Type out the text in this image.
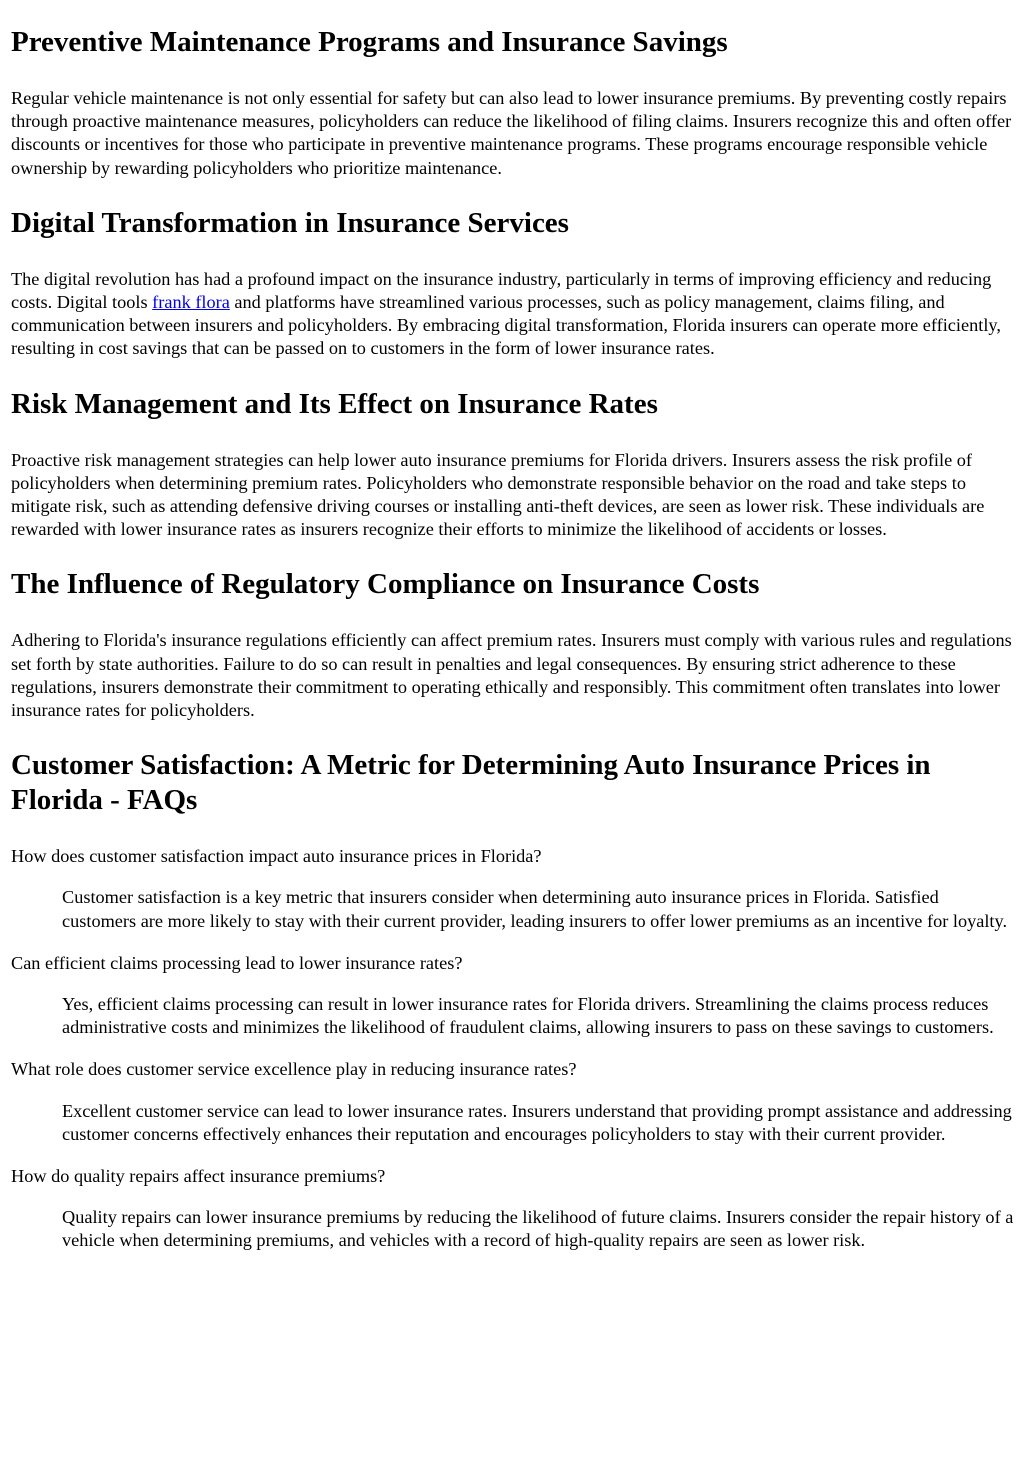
Preventive Maintenance Programs and Insurance Savings

Regular vehicle maintenance is not only essential for safety but can also lead to lower insurance premiums. By preventing costly repairs through proactive maintenance measures, policyholders can reduce the likelihood of filing claims. Insurers recognize this and often offer discounts or incentives for those who participate in preventive maintenance programs. These programs encourage responsible vehicle ownership by rewarding policyholders who prioritize maintenance.

Digital Transformation in Insurance Services

The digital revolution has had a profound impact on the insurance industry, particularly in terms of improving efficiency and reducing costs. Digital tools frank flora and platforms have streamlined various processes, such as policy management, claims filing, and communication between insurers and policyholders. By embracing digital transformation, Florida insurers can operate more efficiently, resulting in cost savings that can be passed on to customers in the form of lower insurance rates.

Risk Management and Its Effect on Insurance Rates

Proactive risk management strategies can help lower auto insurance premiums for Florida drivers. Insurers assess the risk profile of policyholders when determining premium rates. Policyholders who demonstrate responsible behavior on the road and take steps to mitigate risk, such as attending defensive driving courses or installing anti-theft devices, are seen as lower risk. These individuals are rewarded with lower insurance rates as insurers recognize their efforts to minimize the likelihood of accidents or losses.

The Influence of Regulatory Compliance on Insurance Costs

Adhering to Florida's insurance regulations efficiently can affect premium rates. Insurers must comply with various rules and regulations set forth by state authorities. Failure to do so can result in penalties and legal consequences. By ensuring strict adherence to these regulations, insurers demonstrate their commitment to operating ethically and responsibly. This commitment often translates into lower insurance rates for policyholders.

Customer Satisfaction: A Metric for Determining Auto Insurance Prices in Florida - FAQs

How does customer satisfaction impact auto insurance prices in Florida?

Customer satisfaction is a key metric that insurers consider when determining auto insurance prices in Florida. Satisfied customers are more likely to stay with their current provider, leading insurers to offer lower premiums as an incentive for loyalty.

Can efficient claims processing lead to lower insurance rates?

Yes, efficient claims processing can result in lower insurance rates for Florida drivers. Streamlining the claims process reduces administrative costs and minimizes the likelihood of fraudulent claims, allowing insurers to pass on these savings to customers.

What role does customer service excellence play in reducing insurance rates?

Excellent customer service can lead to lower insurance rates. Insurers understand that providing prompt assistance and addressing customer concerns effectively enhances their reputation and encourages policyholders to stay with their current provider.

How do quality repairs affect insurance premiums?

Quality repairs can lower insurance premiums by reducing the likelihood of future claims. Insurers consider the repair history of a vehicle when determining premiums, and vehicles with a record of high-quality repairs are seen as lower risk.
